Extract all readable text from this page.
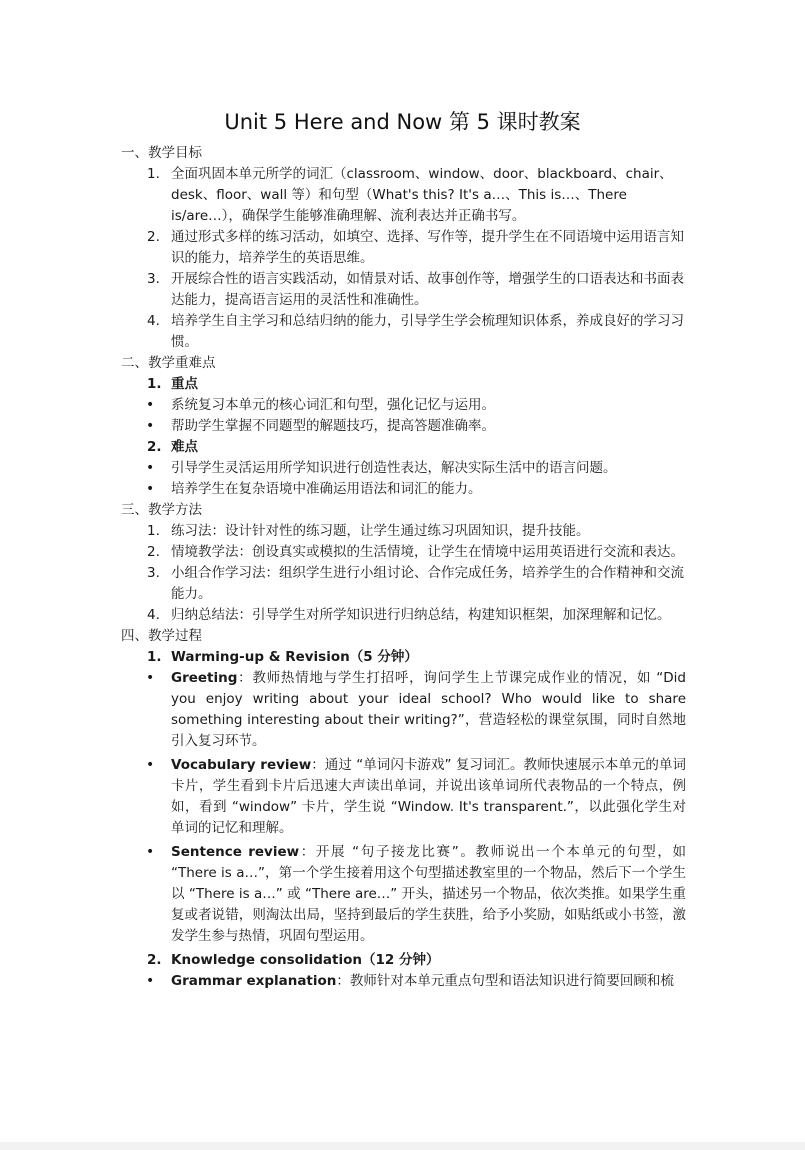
Unit 5 Here and Now 第 5 课时教案

一、教学目标

1. 全面巩固本单元所学的词汇（classroom、window、door、blackboard、chair、desk、floor、wall 等）和句型（What's this? It's a…、This is…、There is/are…），确保学生能够准确理解、流利表达并正确书写。

2. 通过形式多样的练习活动，如填空、选择、写作等，提升学生在不同语境中运用语言知识的能力，培养学生的英语思维。

3. 开展综合性的语言实践活动，如情景对话、故事创作等，增强学生的口语表达和书面表达能力，提高语言运用的灵活性和准确性。

4. 培养学生自主学习和总结归纳的能力，引导学生学会梳理知识体系，养成良好的学习习惯。

二、教学重难点

1. 重点

• 系统复习本单元的核心词汇和句型，强化记忆与运用。

• 帮助学生掌握不同题型的解题技巧，提高答题准确率。

2. 难点

• 引导学生灵活运用所学知识进行创造性表达，解决实际生活中的语言问题。

• 培养学生在复杂语境中准确运用语法和词汇的能力。

三、教学方法

1. 练习法：设计针对性的练习题，让学生通过练习巩固知识，提升技能。

2. 情境教学法：创设真实或模拟的生活情境，让学生在情境中运用英语进行交流和表达。

3. 小组合作学习法：组织学生进行小组讨论、合作完成任务，培养学生的合作精神和交流能力。

4. 归纳总结法：引导学生对所学知识进行归纳总结，构建知识框架，加深理解和记忆。

四、教学过程

1. Warming-up & Revision（5 分钟）

• Greeting：教师热情地与学生打招呼，询问学生上节课完成作业的情况，如 “Did you enjoy writing about your ideal school? Who would like to share something interesting about their writing?”，营造轻松的课堂氛围，同时自然地引入复习环节。

• Vocabulary review：通过 “单词闪卡游戏” 复习词汇。教师快速展示本单元的单词卡片，学生看到卡片后迅速大声读出单词，并说出该单词所代表物品的一个特点，例如，看到 “window” 卡片，学生说 “Window. It's transparent.”，以此强化学生对单词的记忆和理解。

• Sentence review：开展 “句子接龙比赛”。教师说出一个本单元的句型，如 “There is a…”，第一个学生接着用这个句型描述教室里的一个物品，然后下一个学生以 “There is a…” 或 “There are…” 开头，描述另一个物品，依次类推。如果学生重复或者说错，则淘汰出局，坚持到最后的学生获胜，给予小奖励，如贴纸或小书签，激发学生参与热情，巩固句型运用。

2. Knowledge consolidation（12 分钟）

• Grammar explanation：教师针对本单元重点句型和语法知识进行简要回顾和梳
